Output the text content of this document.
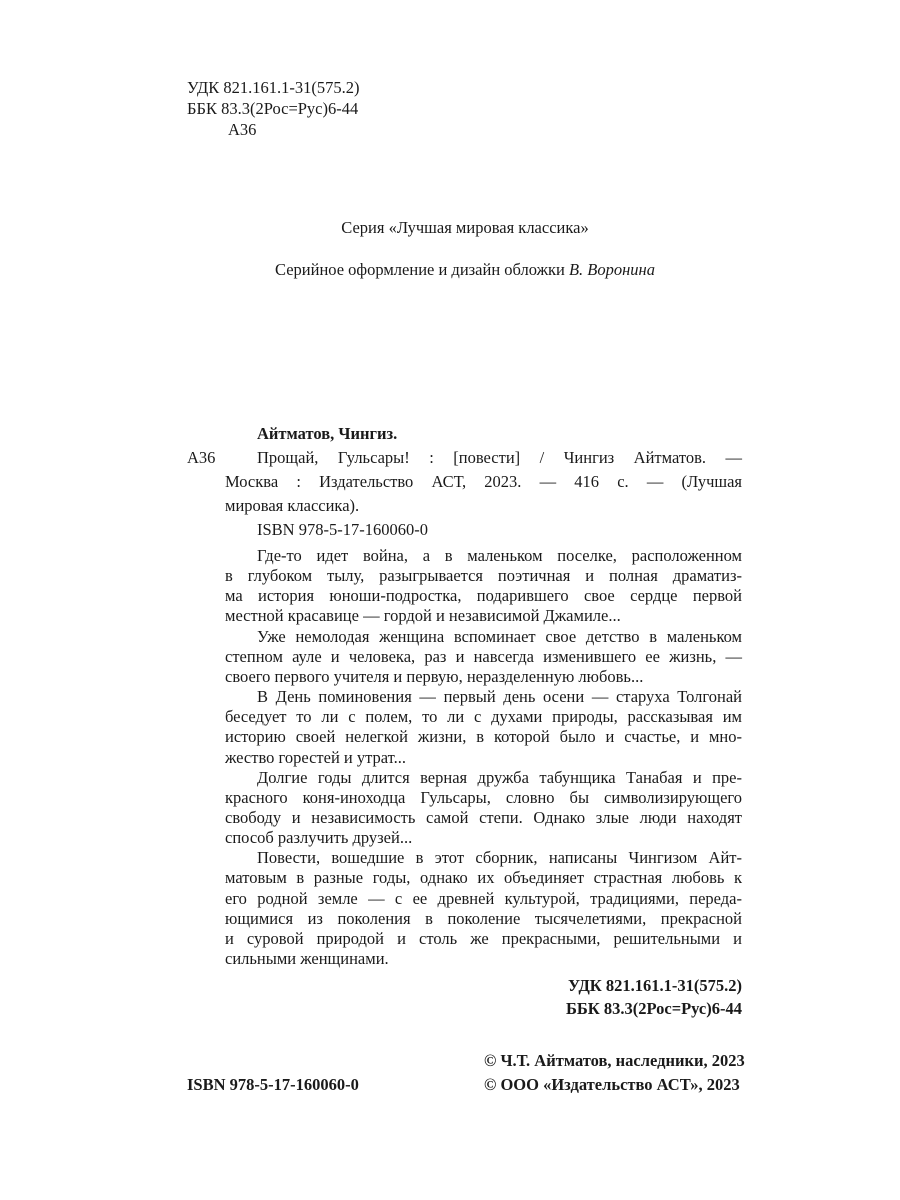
УДК 821.161.1-31(575.2)
ББК 83.3(2Рос=Рус)6-44
А36
Серия «Лучшая мировая классика»
Серийное оформление и дизайн обложки В. Воронина
Айтматов, Чингиз.
А36	Прощай, Гульсары! : [повести] / Чингиз Айтматов. —
Москва : Издательство АСТ, 2023. — 416 с. — (Лучшая
мировая классика).
ISBN 978-5-17-160060-0
Где-то идет война, а в маленьком поселке, расположенном
в глубоком тылу, разыгрывается поэтичная и полная драматиз-
ма история юноши-подростка, подарившего свое сердце первой
местной красавице — гордой и независимой Джамиле...
Уже немолодая женщина вспоминает свое детство в маленьком
степном ауле и человека, раз и навсегда изменившего ее жизнь, —
своего первого учителя и первую, неразделенную любовь...
В День поминовения — первый день осени — старуха Толгонай
беседует то ли с полем, то ли с духами природы, рассказывая им
историю своей нелегкой жизни, в которой было и счастье, и мно-
жество горестей и утрат...
Долгие годы длится верная дружба табунщика Танабая и пре-
красного коня-иноходца Гульсары, словно бы символизирующего
свободу и независимость самой степи. Однако злые люди находят
способ разлучить друзей...
Повести, вошедшие в этот сборник, написаны Чингизом Айт-
матовым в разные годы, однако их объединяет страстная любовь к
его родной земле — с ее древней культурой, традициями, переда-
ющимися из поколения в поколение тысячелетиями, прекрасной
и суровой природой и столь же прекрасными, решительными и
сильными женщинами.
УДК 821.161.1-31(575.2)
ББК 83.3(2Рос=Рус)6-44
© Ч.Т. Айтматов, наследники, 2023
© ООО «Издательство АСТ», 2023
ISBN 978-5-17-160060-0
